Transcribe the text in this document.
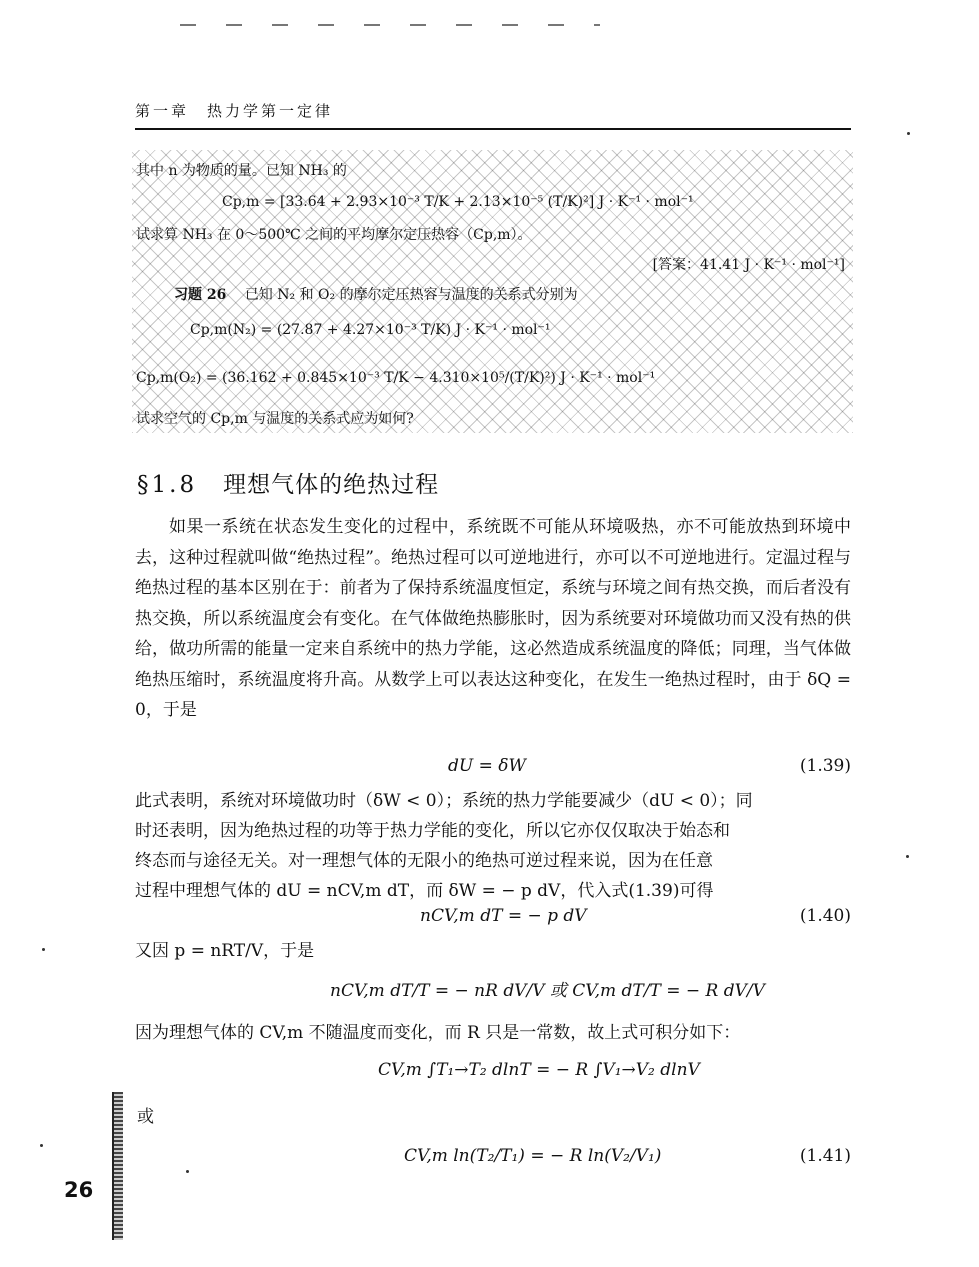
第一章　热力学第一定律
其中 n 为物质的量。已知 NH₃ 的
Cp,m = [33.64 + 2.93×10⁻³ T/K + 2.13×10⁻⁵ (T/K)²] J · K⁻¹ · mol⁻¹
试求算 NH₃ 在 0～500℃ 之间的平均摩尔定压热容（Cp,m）。
[答案：41.41 J · K⁻¹ · mol⁻¹]
习题 26 已知 N₂ 和 O₂ 的摩尔定压热容与温度的关系式分别为
Cp,m(N₂) = (27.87 + 4.27×10⁻³ T/K) J · K⁻¹ · mol⁻¹
Cp,m(O₂) = (36.162 + 0.845×10⁻³ T/K − 4.310×10⁵/(T/K)²) J · K⁻¹ · mol⁻¹
试求空气的 Cp,m 与温度的关系式应为如何?
§1.8 理想气体的绝热过程

如果一系统在状态发生变化的过程中，系统既不可能从环境吸热，亦不可能放热到环境中去，这种过程就叫做“绝热过程”。绝热过程可以可逆地进行，亦可以不可逆地进行。定温过程与绝热过程的基本区别在于：前者为了保持系统温度恒定，系统与环境之间有热交换，而后者没有热交换，所以系统温度会有变化。在气体做绝热膨胀时，因为系统要对环境做功而又没有热的供给，做功所需的能量一定来自系统中的热力学能，这必然造成系统温度的降低；同理，当气体做绝热压缩时，系统温度将升高。从数学上可以表达这种变化，在发生一绝热过程时，由于 δQ = 0，于是

dU = δW	(1.39)
此式表明，系统对环境做功时（δW < 0）；系统的热力学能要减少（dU < 0）；同
时还表明，因为绝热过程的功等于热力学能的变化，所以它亦仅仅取决于始态和
终态而与途径无关。对一理想气体的无限小的绝热可逆过程来说，因为在任意
过程中理想气体的 dU = nCV,m dT，而 δW = − p dV，代入式(1.39)可得
nCV,m dT = − p dV	(1.40)
又因 p = nRT/V，于是
nCV,m dT/T = − nR dV/V 或 CV,m dT/T = − R dV/V
因为理想气体的 CV,m 不随温度而变化，而 R 只是一常数，故上式可积分如下：
CV,m ∫T₁→T₂ dlnT = − R ∫V₁→V₂ dlnV
或
CV,m ln(T₂/T₁) = − R ln(V₂/V₁)	(1.41)
26
